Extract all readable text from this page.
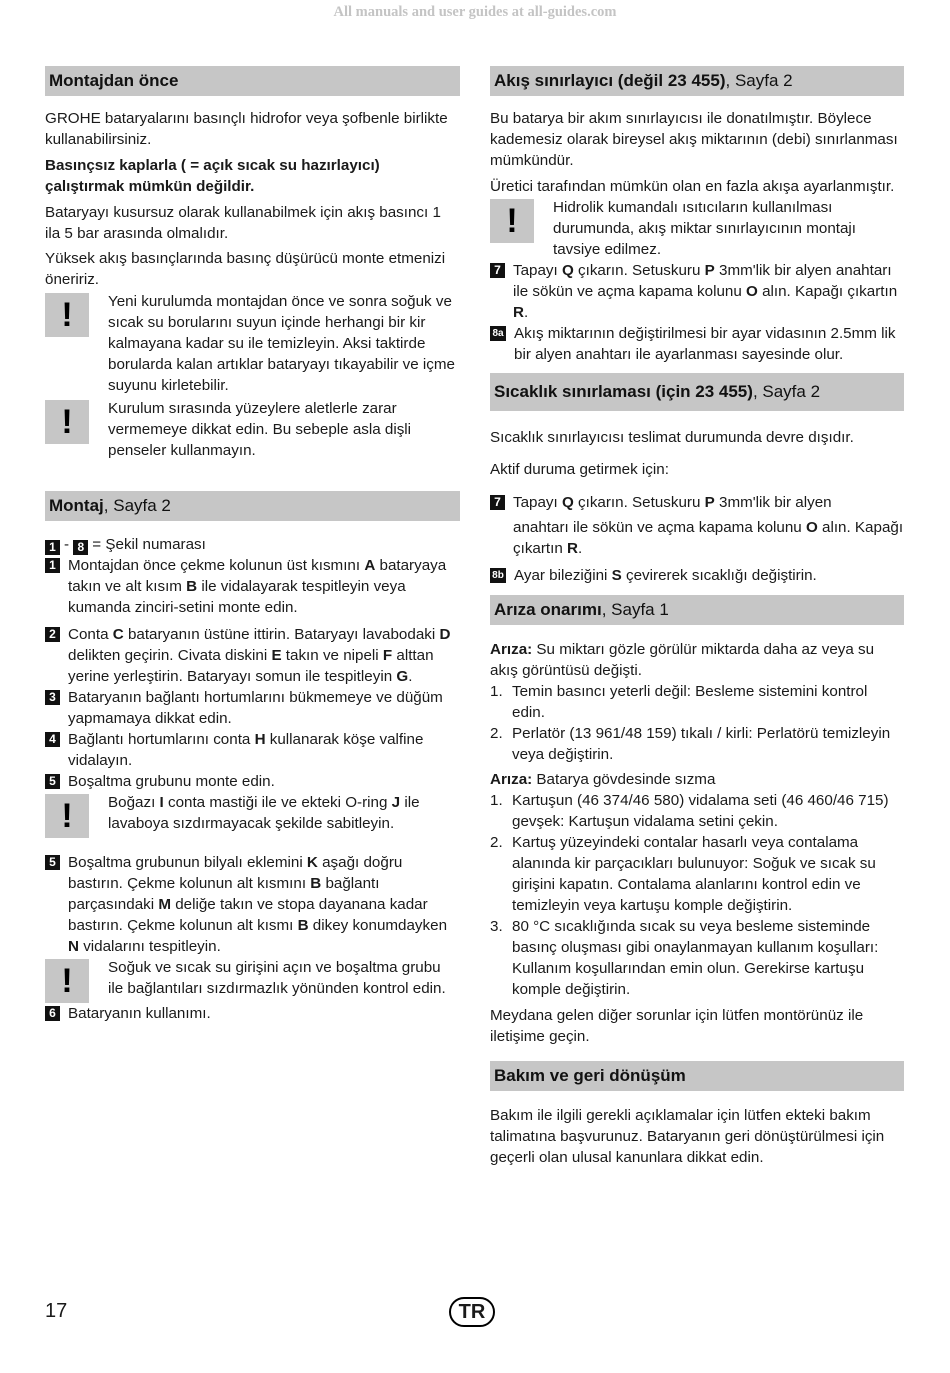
All manuals and user guides at all-guides.com
Montajdan önce

GROHE bataryalarını basınçlı hidrofor veya şofbenle birlikte kullanabilirsiniz.

Basınçsız kaplarla ( = açık sıcak su hazırlayıcı) çalıştırmak mümkün değildir.

Bataryayı kusursuz olarak kullanabilmek için akış basıncı 1 ila 5 bar arasında olmalıdır.

Yüksek akış basınçlarında basınç düşürücü monte etmenizi öneririz.

!	Yeni kurulumda montajdan önce ve sonra soğuk ve sıcak su borularını suyun içinde herhangi bir kir kalmayana kadar su ile temizleyin. Aksi taktirde borularda kalan artıklar bataryayı tıkayabilir ve içme suyunu kirletebilir.
!	Kurulum sırasında yüzeylere aletlerle zarar vermemeye dikkat edin. Bu sebeple asla dişli penseler kullanmayın.
Montaj, Sayfa 2
1 - 8 = Şekil numarası
1 Montajdan önce çekme kolunun üst kısmını A bataryaya takın ve alt kısım B ile vidalayarak tespitleyin veya kumanda zinciri-setini monte edin.
2 Conta C bataryanın üstüne ittirin. Bataryayı lavabodaki D delikten geçirin. Civata diskini E takın ve nipeli F alttan yerine yerleştirin. Bataryayı somun ile tespitleyin G.
3 Bataryanın bağlantı hortumlarını bükmemeye ve düğüm yapmamaya dikkat edin.
4 Bağlantı hortumlarını conta H kullanarak köşe valfine vidalayın.
5 Boşaltma grubunu monte edin.
!	Boğazı I conta mastiği ile ve ekteki O-ring J ile lavaboya sızdırmayacak şekilde sabitleyin.
5 Boşaltma grubunun bilyalı eklemini K aşağı doğru bastırın. Çekme kolunun alt kısmını B bağlantı parçasındaki M deliğe takın ve stopa dayanana kadar bastırın. Çekme kolunun alt kısmı B dikey konumdayken N vidalarını tespitleyin.
!	Soğuk ve sıcak su girişini açın ve boşaltma grubu ile bağlantıları sızdırmazlık yönünden kontrol edin.
6 Bataryanın kullanımı.
Akış sınırlayıcı (değil 23 455), Sayfa 2

Bu batarya bir akım sınırlayıcısı ile donatılmıştır. Böylece kademesiz olarak bireysel akış miktarının (debi) sınırlanması mümkündür.

Üretici tarafından mümkün olan en fazla akışa ayarlanmıştır.

!	Hidrolik kumandalı ısıtıcıların kullanılması durumunda, akış miktar sınırlayıcının montajı tavsiye edilmez.
7 Tapayı Q çıkarın. Setuskuru P 3mm'lik bir alyen anahtarı ile sökün ve açma kapama kolunu O alın. Kapağı çıkartın R.
8a Akış miktarının değiştirilmesi bir ayar vidasının 2.5mm lik bir alyen anahtarı ile ayarlanması sayesinde olur.
Sıcaklık sınırlaması (için 23 455), Sayfa 2

Sıcaklık sınırlayıcısı teslimat durumunda devre dışıdır.

Aktif duruma getirmek için:

7 Tapayı Q çıkarın. Setuskuru P 3mm'lik bir alyen
anahtarı ile sökün ve açma kapama kolunu O alın. Kapağı çıkartın R.
8b Ayar bileziğini S çevirerek sıcaklığı değiştirin.
Arıza onarımı, Sayfa 1

Arıza: Su miktarı gözle görülür miktarda daha az veya su akış görüntüsü değişti.

1. Temin basıncı yeterli değil: Besleme sistemini kontrol edin.
2. Perlatör (13 961/48 159) tıkalı / kirli: Perlatörü temizleyin veya değiştirin.

Arıza: Batarya gövdesinde sızma

1. Kartuşun (46 374/46 580) vidalama seti (46 460/46 715) gevşek: Kartuşun vidalama setini çekin.
2. Kartuş yüzeyindeki contalar hasarlı veya contalama alanında kir parçacıkları bulunuyor: Soğuk ve sıcak su girişini kapatın. Contalama alanlarını kontrol edin ve temizleyin veya kartuşu komple değiştirin.
3. 80 °C sıcaklığında sıcak su veya besleme sisteminde basınç oluşması gibi onaylanmayan kullanım koşulları: Kullanım koşullarından emin olun. Gerekirse kartuşu komple değiştirin.

Meydana gelen diğer sorunlar için lütfen montörünüz ile iletişime geçin.

Bakım ve geri dönüşüm

Bakım ile ilgili gerekli açıklamalar için lütfen ekteki bakım talimatına başvurunuz. Bataryanın geri dönüştürülmesi için geçerli olan ulusal kanunlara dikkat edin.

17	TR
